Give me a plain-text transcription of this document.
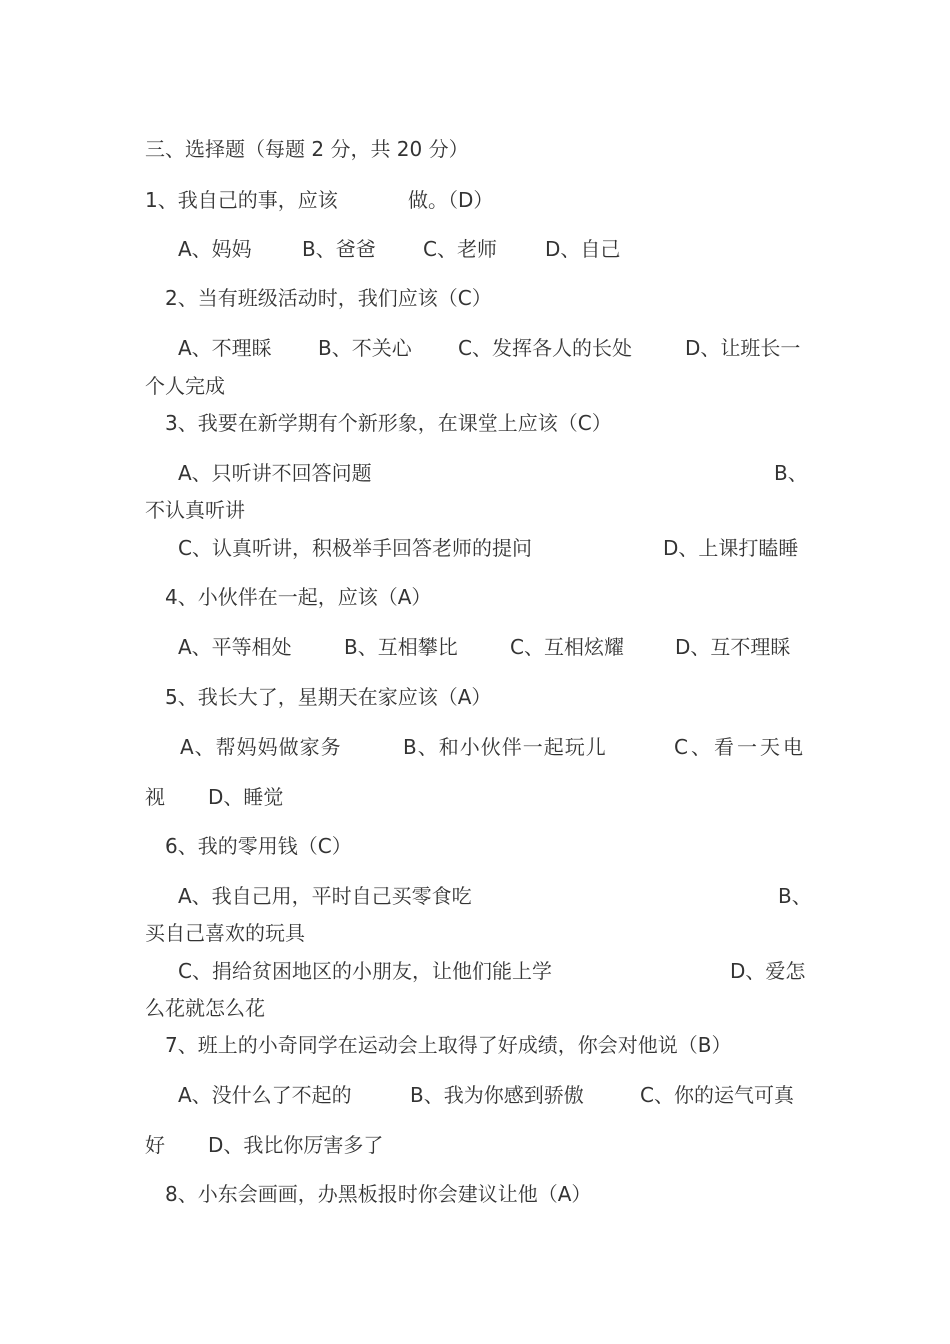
三、选择题（每题 2 分，共 20 分）
1、我自己的事，应该	做。（D）
A、妈妈	B、爸爸 C、老师 D、自己
2、当有班级活动时，我们应该（C）
A、不理睬 B、不关心 C、发挥各人的长处	D、让班长一
个人完成
3、我要在新学期有个新形象，在课堂上应该（C）
A、只听讲不回答问题	B、
不认真听讲
C、认真听讲，积极举手回答老师的提问	D、上课打瞌睡
4、小伙伴在一起，应该（A）
A、平等相处	B、互相攀比	C、互相炫耀	D、互不理睬
5、我长大了，星期天在家应该（A）
A、帮妈妈做家务	B、和小伙伴一起玩儿	C、看一天电
视 D、睡觉
6、我的零用钱（C）
A、我自己用，平时自己买零食吃	B、
买自己喜欢的玩具
C、捐给贫困地区的小朋友，让他们能上学	D、爱怎
么花就怎么花
7、班上的小奇同学在运动会上取得了好成绩，你会对他说（B）
A、没什么了不起的	B、我为你感到骄傲	C、你的运气可真
好 D、我比你厉害多了
8、小东会画画，办黑板报时你会建议让他（A）
